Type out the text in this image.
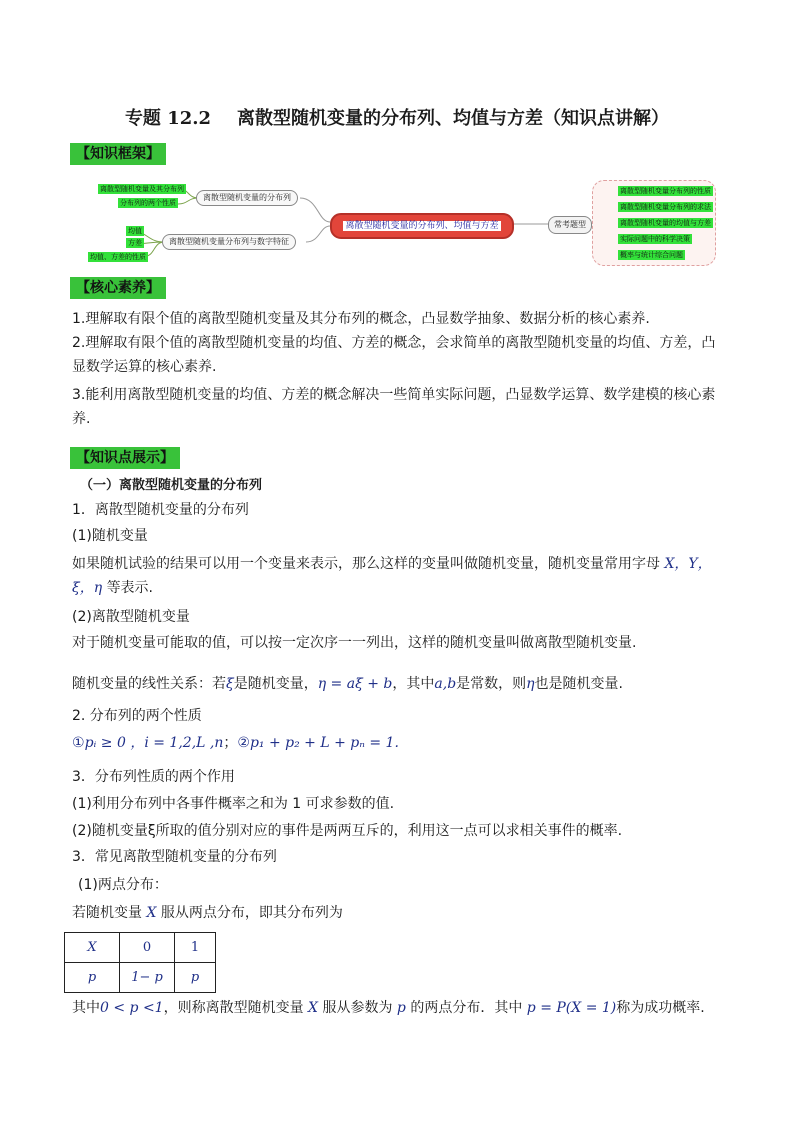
专题 12.2 离散型随机变量的分布列、均值与方差（知识点讲解）
【知识框架】
离散型随机变量及其分布列
分布列的两个性质
离散型随机变量的分布列
均值
方差
均值、方差的性质
离散型随机变量分布列与数字特征
离散型随机变量的分布列、均值与方差	常考题型
离散型随机变量分布列的性质
离散型随机变量分布列的求法
离散型随机变量的均值与方差
实际问题中的科学决策
概率与统计综合问题
【核心素养】
1.理解取有限个值的离散型随机变量及其分布列的概念，凸显数学抽象、数据分析的核心素养.
2.理解取有限个值的离散型随机变量的均值、方差的概念，会求简单的离散型随机变量的均值、方差，凸显数学运算的核心素养.
3.能利用离散型随机变量的均值、方差的概念解决一些简单实际问题，凸显数学运算、数学建模的核心素养.
【知识点展示】
（一）离散型随机变量的分布列
1．离散型随机变量的分布列
(1)随机变量
如果随机试验的结果可以用一个变量来表示，那么这样的变量叫做随机变量，随机变量常用字母 X，Y，ξ，η 等表示.
(2)离散型随机变量
对于随机变量可能取的值，可以按一定次序一一列出，这样的随机变量叫做离散型随机变量.
随机变量的线性关系：若ξ是随机变量，η = aξ + b，其中a,b是常数，则η也是随机变量.
2. 分布列的两个性质
①pᵢ ≥ 0 ，i = 1,2,L ,n；②p₁ + p₂ + L + pₙ = 1.
3．分布列性质的两个作用
(1)利用分布列中各事件概率之和为 1 可求参数的值.
(2)随机变量ξ所取的值分别对应的事件是两两互斥的，利用这一点可以求相关事件的概率.
3．常见离散型随机变量的分布列
(1)两点分布：
若随机变量 X 服从两点分布，即其分布列为
X	0	1
p	1− p	p
其中0 < p <1，则称离散型随机变量 X 服从参数为 p 的两点分布．其中 p = P(X = 1)称为成功概率.
